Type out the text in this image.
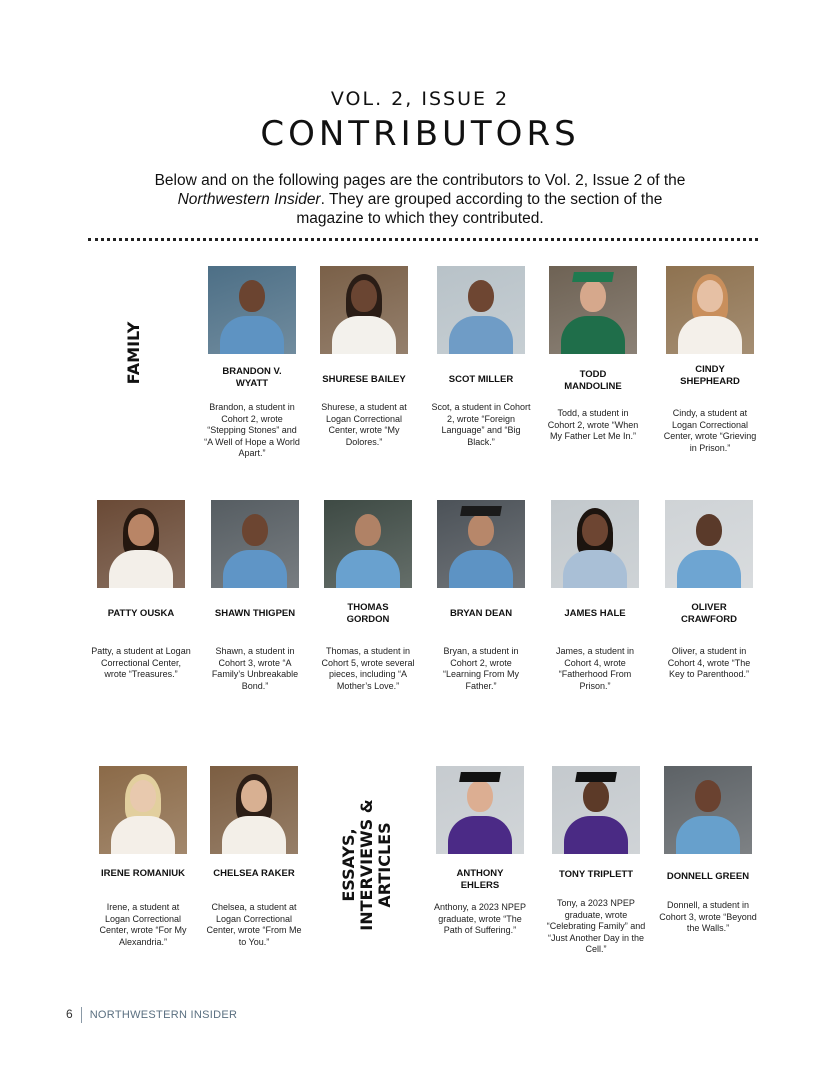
VOL. 2, ISSUE 2
CONTRIBUTORS

Below and on the following pages are the contributors to Vol. 2, Issue 2 of the Northwestern Insider. They are grouped according to the section of the magazine to which they contributed.

FAMILY
ESSAYS,
INTERVIEWS &
ARTICLES
BRANDON V.
WYATT
Brandon, a student in Cohort 2, wrote “Stepping Stones” and “A Well of Hope a World Apart.”
SHURESE BAILEY
Shurese, a student at Logan Correctional Center, wrote “My Dolores.”
SCOT MILLER
Scot, a student in Cohort 2, wrote “Foreign Language” and “Big Black.”
TODD
MANDOLINE
Todd, a student in Cohort 2, wrote “When My Father Let Me In.”
CINDY
SHEPHEARD
Cindy, a student at Logan Correctional Center, wrote “Grieving in Prison.”
PATTY OUSKA
Patty, a student at Logan Correctional Center, wrote “Treasures.”
SHAWN THIGPEN
Shawn, a student in Cohort 3, wrote “A Family’s Unbreakable Bond.”
THOMAS
GORDON
Thomas, a student in Cohort 5, wrote several pieces, including “A Mother’s Love.”
BRYAN DEAN
Bryan, a student in Cohort 2, wrote “Learning From My Father.”
JAMES HALE
James, a student in Cohort 4, wrote “Fatherhood From Prison.”
OLIVER
CRAWFORD
Oliver, a student in Cohort 4, wrote “The Key to Parenthood.”
IRENE ROMANIUK
Irene, a student at Logan Correctional Center, wrote “For My Alexandria.”
CHELSEA RAKER
Chelsea, a student at Logan Correctional Center, wrote “From Me to You.”
ANTHONY
EHLERS
Anthony, a 2023 NPEP graduate, wrote “The Path of Suffering.”
TONY TRIPLETT
Tony, a 2023 NPEP graduate, wrote “Celebrating Family” and “Just Another Day in the Cell.”
DONNELL GREEN
Donnell, a student in Cohort 3, wrote “Beyond the Walls.”
6 NORTHWESTERN INSIDER
